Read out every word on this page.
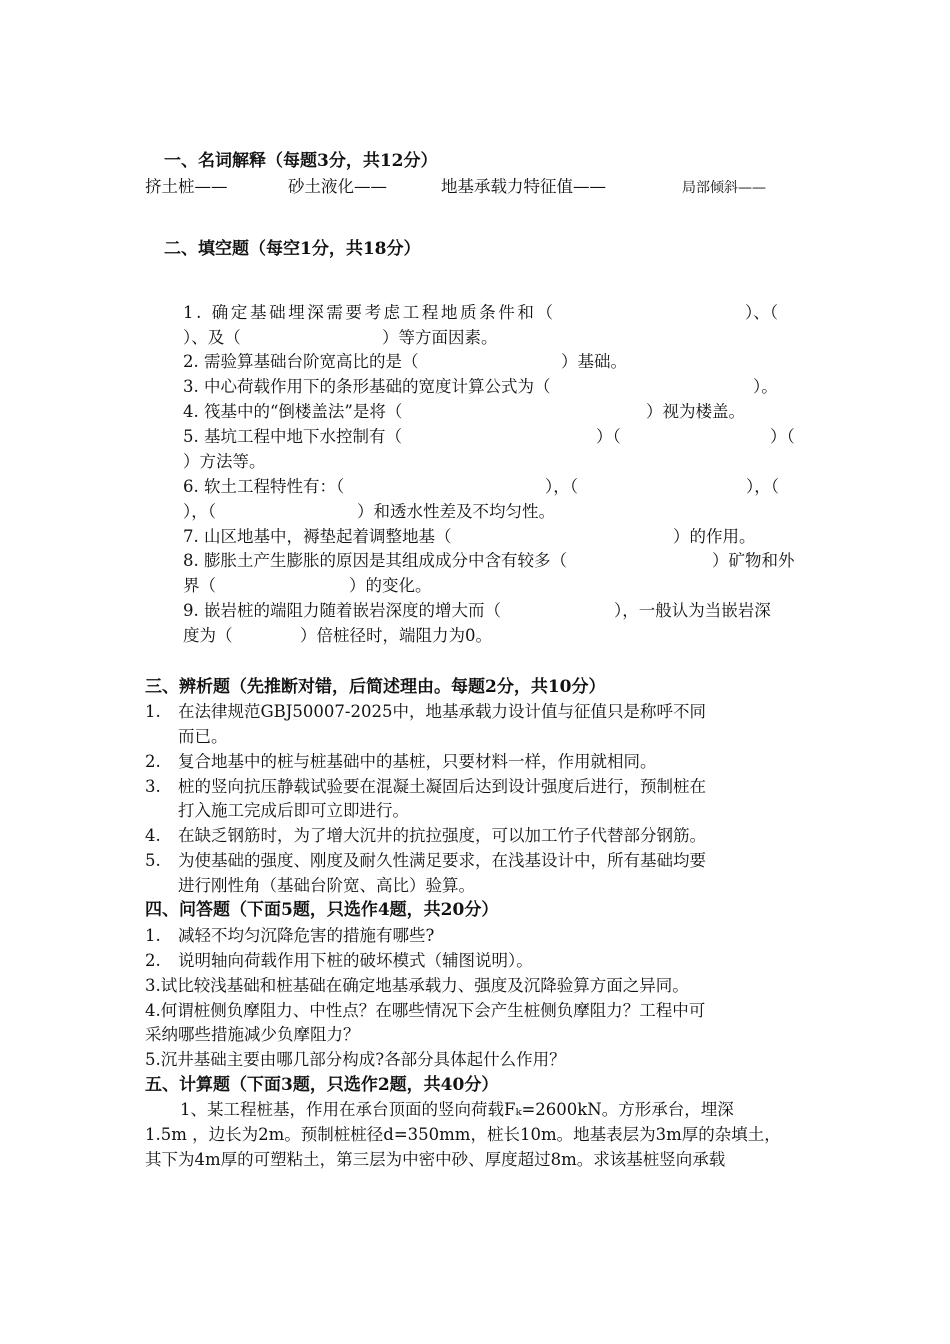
一、名词解释（每题3分，共12分）
挤土桩——	砂土液化——	地基承载力特征值——	局部倾斜——
二、填空题（每空1分，共18分）
1. 确定基础埋深需要考虑工程地质条件和（	）、（
）、及（	）等方面因素。
2. 需验算基础台阶宽高比的是（	）基础。
3. 中心荷载作用下的条形基础的宽度计算公式为（	）。
4. 筏基中的“倒楼盖法”是将（	）视为楼盖。
5. 基坑工程中地下水控制有（	）（	）（
）方法等。
6. 软土工程特性有：（	），（	），（
），（	）和透水性差及不均匀性。
7. 山区地基中，褥垫起着调整地基（	）的作用。
8. 膨胀土产生膨胀的原因是其组成成分中含有较多（	）矿物和外
界（	）的变化。
9. 嵌岩桩的端阻力随着嵌岩深度的增大而（	），一般认为当嵌岩深
度为（	）倍桩径时，端阻力为0。
三、辨析题（先推断对错，后简述理由。每题2分，共10分）
1. 在法律规范GBJ50007-2025中，地基承载力设计值与征值只是称呼不同
而已。
2. 复合地基中的桩与桩基础中的基桩，只要材料一样，作用就相同。
3. 桩的竖向抗压静载试验要在混凝土凝固后达到设计强度后进行，预制桩在
打入施工完成后即可立即进行。
4. 在缺乏钢筋时，为了增大沉井的抗拉强度，可以加工竹子代替部分钢筋。
5. 为使基础的强度、刚度及耐久性满足要求，在浅基设计中，所有基础均要
进行刚性角（基础台阶宽、高比）验算。
四、问答题（下面5题，只选作4题，共20分）
1. 减轻不均匀沉降危害的措施有哪些?
2. 说明轴向荷载作用下桩的破坏模式（辅图说明）。
3.试比较浅基础和桩基础在确定地基承载力、强度及沉降验算方面之异同。
4.何谓桩侧负摩阻力、中性点？在哪些情况下会产生桩侧负摩阻力？工程中可
采纳哪些措施减少负摩阻力？
5.沉井基础主要由哪几部分构成?各部分具体起什么作用？
五、计算题（下面3题，只选作2题，共40分）
1、某工程桩基，作用在承台顶面的竖向荷载Fₖ=2600kN。方形承台，埋深
1.5m ，边长为2m。预制桩桩径d=350mm，桩长10m。地基表层为3m厚的杂填土，
其下为4m厚的可塑粘土，第三层为中密中砂、厚度超过8m。求该基桩竖向承载
